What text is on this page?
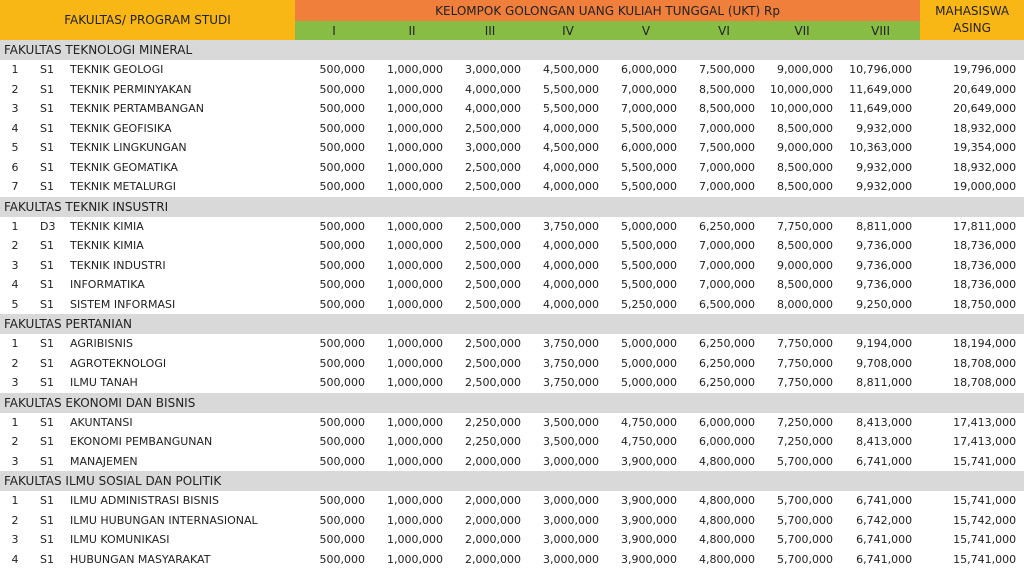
FAKULTAS/ PROGRAM STUDI			KELOMPOK GOLONGAN UANG KULIAH TUNGGAL (UKT) Rp								MAHASISWA
ASING
			I	II	III	IV	V	VI	VII	VIII	
FAKULTAS TEKNOLOGI MINERAL											
1	S1	TEKNIK GEOLOGI	500,000	1,000,000	3,000,000	4,500,000	6,000,000	7,500,000	9,000,000	10,796,000	19,796,000
2	S1	TEKNIK PERMINYAKAN	500,000	1,000,000	4,000,000	5,500,000	7,000,000	8,500,000	10,000,000	11,649,000	20,649,000
3	S1	TEKNIK PERTAMBANGAN	500,000	1,000,000	4,000,000	5,500,000	7,000,000	8,500,000	10,000,000	11,649,000	20,649,000
4	S1	TEKNIK GEOFISIKA	500,000	1,000,000	2,500,000	4,000,000	5,500,000	7,000,000	8,500,000	9,932,000	18,932,000
5	S1	TEKNIK LINGKUNGAN	500,000	1,000,000	3,000,000	4,500,000	6,000,000	7,500,000	9,000,000	10,363,000	19,354,000
6	S1	TEKNIK GEOMATIKA	500,000	1,000,000	2,500,000	4,000,000	5,500,000	7,000,000	8,500,000	9,932,000	18,932,000
7	S1	TEKNIK METALURGI	500,000	1,000,000	2,500,000	4,000,000	5,500,000	7,000,000	8,500,000	9,932,000	19,000,000
FAKULTAS TEKNIK INSUSTRI											
1	D3	TEKNIK KIMIA	500,000	1,000,000	2,500,000	3,750,000	5,000,000	6,250,000	7,750,000	8,811,000	17,811,000
2	S1	TEKNIK KIMIA	500,000	1,000,000	2,500,000	4,000,000	5,500,000	7,000,000	8,500,000	9,736,000	18,736,000
3	S1	TEKNIK INDUSTRI	500,000	1,000,000	2,500,000	4,000,000	5,500,000	7,000,000	9,000,000	9,736,000	18,736,000
4	S1	INFORMATIKA	500,000	1,000,000	2,500,000	4,000,000	5,500,000	7,000,000	8,500,000	9,736,000	18,736,000
5	S1	SISTEM INFORMASI	500,000	1,000,000	2,500,000	4,000,000	5,250,000	6,500,000	8,000,000	9,250,000	18,750,000
FAKULTAS PERTANIAN											
1	S1	AGRIBISNIS	500,000	1,000,000	2,500,000	3,750,000	5,000,000	6,250,000	7,750,000	9,194,000	18,194,000
2	S1	AGROTEKNOLOGI	500,000	1,000,000	2,500,000	3,750,000	5,000,000	6,250,000	7,750,000	9,708,000	18,708,000
3	S1	ILMU TANAH	500,000	1,000,000	2,500,000	3,750,000	5,000,000	6,250,000	7,750,000	8,811,000	18,708,000
FAKULTAS EKONOMI DAN BISNIS											
1	S1	AKUNTANSI	500,000	1,000,000	2,250,000	3,500,000	4,750,000	6,000,000	7,250,000	8,413,000	17,413,000
2	S1	EKONOMI PEMBANGUNAN	500,000	1,000,000	2,250,000	3,500,000	4,750,000	6,000,000	7,250,000	8,413,000	17,413,000
3	S1	MANAJEMEN	500,000	1,000,000	2,000,000	3,000,000	3,900,000	4,800,000	5,700,000	6,741,000	15,741,000
FAKULTAS ILMU SOSIAL DAN POLITIK											
1	S1	ILMU ADMINISTRASI BISNIS	500,000	1,000,000	2,000,000	3,000,000	3,900,000	4,800,000	5,700,000	6,741,000	15,741,000
2	S1	ILMU HUBUNGAN INTERNASIONAL	500,000	1,000,000	2,000,000	3,000,000	3,900,000	4,800,000	5,700,000	6,742,000	15,742,000
3	S1	ILMU KOMUNIKASI	500,000	1,000,000	2,000,000	3,000,000	3,900,000	4,800,000	5,700,000	6,741,000	15,741,000
4	S1	HUBUNGAN MASYARAKAT	500,000	1,000,000	2,000,000	3,000,000	3,900,000	4,800,000	5,700,000	6,741,000	15,741,000
